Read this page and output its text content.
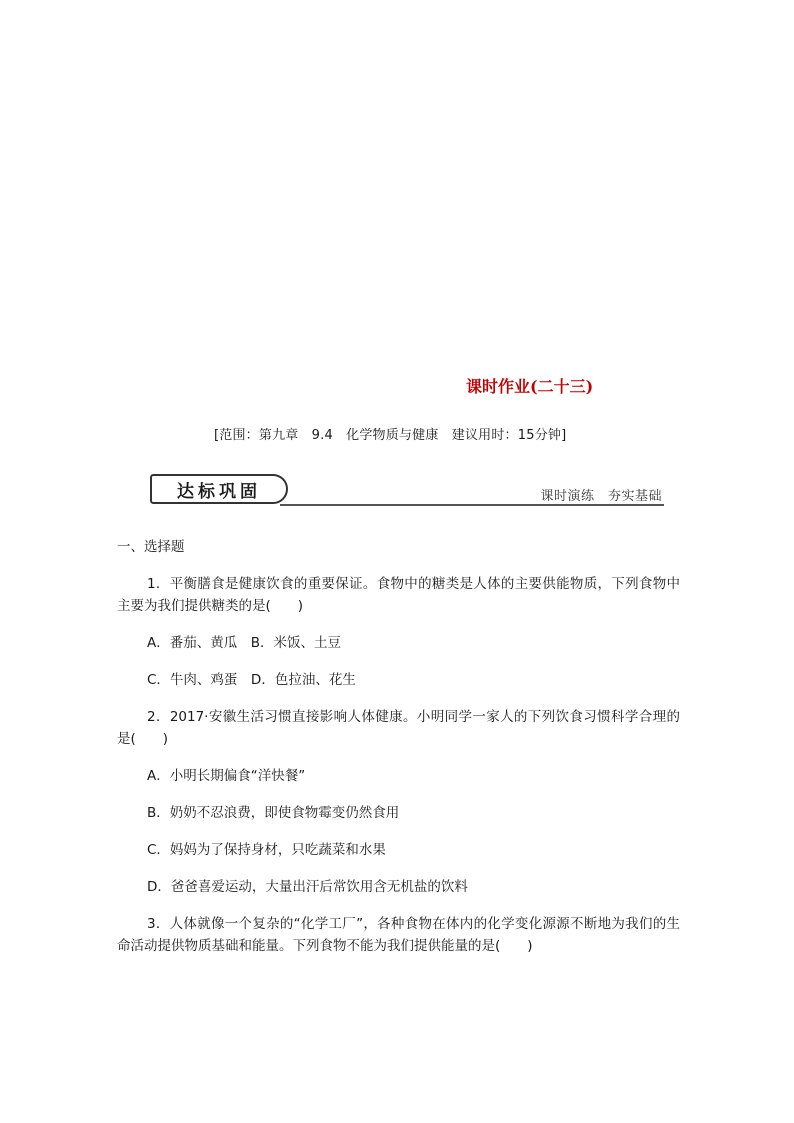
课时作业(二十三)
[范围：第九章　9.4　化学物质与健康　建议用时：15分钟]
达标巩固	课时演练　夯实基础

一、选择题

1．平衡膳食是健康饮食的重要保证。食物中的糖类是人体的主要供能物质，下列食物中主要为我们提供糖类的是(　　)

A．番茄、黄瓜　B．米饭、土豆

C．牛肉、鸡蛋　D．色拉油、花生

2．2017·安徽生活习惯直接影响人体健康。小明同学一家人的下列饮食习惯科学合理的是(　　)

A．小明长期偏食“洋快餐”

B．奶奶不忍浪费，即使食物霉变仍然食用

C．妈妈为了保持身材，只吃蔬菜和水果

D．爸爸喜爱运动，大量出汗后常饮用含无机盐的饮料

3．人体就像一个复杂的“化学工厂”，各种食物在体内的化学变化源源不断地为我们的生命活动提供物质基础和能量。下列食物不能为我们提供能量的是(　　)
